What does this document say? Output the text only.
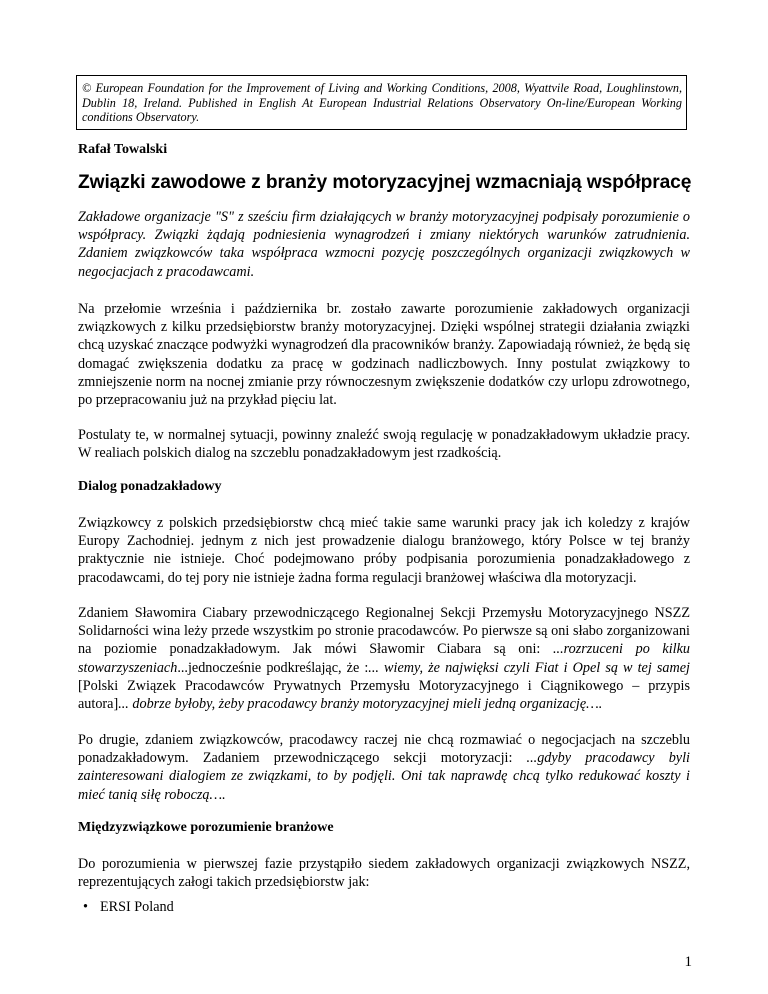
© European Foundation for the Improvement of Living and Working Conditions, 2008, Wyattvile Road, Loughlinstown, Dublin 18, Ireland. Published in English At European Industrial Relations Observatory On-line/European Working conditions Observatory.
Rafał Towalski
Związki zawodowe z branży motoryzacyjnej wzmacniają współpracę

Zakładowe organizacje "S" z sześciu firm działających w branży motoryzacyjnej podpisały porozumienie o współpracy. Związki żądają podniesienia wynagrodzeń i zmiany niektórych warunków zatrudnienia. Zdaniem związkowców taka współpraca wzmocni pozycję poszczególnych organizacji związkowych w negocjacjach z pracodawcami.

Na przełomie września i października br. zostało zawarte porozumienie zakładowych organizacji związkowych z kilku przedsiębiorstw branży motoryzacyjnej. Dzięki wspólnej strategii działania związki chcą uzyskać znaczące podwyżki wynagrodzeń dla pracowników branży. Zapowiadają również, że będą się domagać zwiększenia dodatku za pracę w godzinach nadliczbowych. Inny postulat związkowy to zmniejszenie norm na nocnej zmianie przy równoczesnym zwiększenie dodatków czy urlopu zdrowotnego, po przepracowaniu już na przykład pięciu lat.

Postulaty te, w normalnej sytuacji, powinny znaleźć swoją regulację w ponadzakładowym układzie pracy. W realiach polskich dialog na szczeblu ponadzakładowym jest rzadkością.

Dialog ponadzakładowy

Związkowcy z polskich przedsiębiorstw chcą mieć takie same warunki pracy jak ich koledzy z krajów Europy Zachodniej. jednym z nich jest prowadzenie dialogu branżowego, który Polsce w tej branży praktycznie nie istnieje. Choć podejmowano próby podpisania porozumienia ponadzakładowego z pracodawcami, do tej pory nie istnieje żadna forma regulacji branżowej właściwa dla motoryzacji.

Zdaniem Sławomira Ciabary przewodniczącego Regionalnej Sekcji Przemysłu Motoryzacyjnego NSZZ Solidarności wina leży przede wszystkim po stronie pracodawców. Po pierwsze są oni słabo zorganizowani na poziomie ponadzakładowym. Jak mówi Sławomir Ciabara są oni: ...rozrzuceni po kilku stowarzyszeniach...jednocześnie podkreślając, że :... wiemy, że najwięksi czyli Fiat i Opel są w tej samej [Polski Związek Pracodawców Prywatnych Przemysłu Motoryzacyjnego i Ciągnikowego – przypis autora]... dobrze byłoby, żeby pracodawcy branży motoryzacyjnej mieli jedną organizację….

Po drugie, zdaniem związkowców, pracodawcy raczej nie chcą rozmawiać o negocjacjach na szczeblu ponadzakładowym. Zadaniem przewodniczącego sekcji motoryzacji: ...gdyby pracodawcy byli zainteresowani dialogiem ze związkami, to by podjęli. Oni tak naprawdę chcą tylko redukować koszty i mieć tanią siłę roboczą….

Międzyzwiązkowe porozumienie branżowe

Do porozumienia w pierwszej fazie przystąpiło siedem zakładowych organizacji związkowych NSZZ, reprezentujących załogi takich przedsiębiorstw jak:

• ERSI Poland
1
